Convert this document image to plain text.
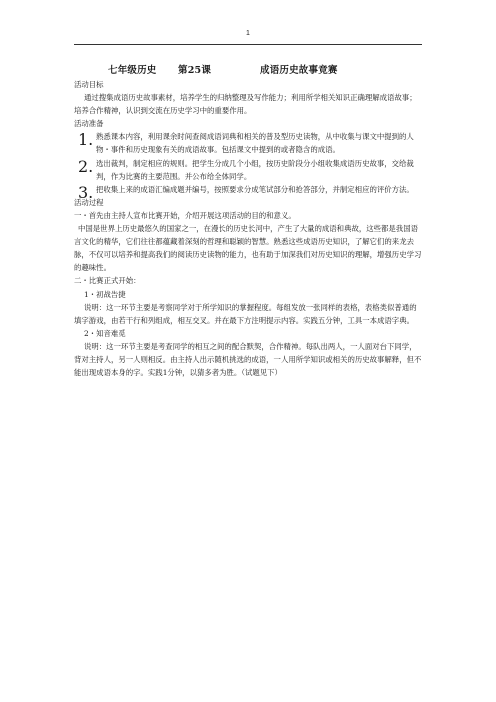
1
七年级历史 第25课	成语历史故事竞赛

活动目标

通过搜集成语历史故事素材，培养学生的归纳整理及写作能力；利用所学相关知识正确理解成语故事；培养合作精神，认识到交流在历史学习中的重要作用。

活动准备

1. 熟悉课本内容，利用课余时间查阅成语词典和相关的普及型历史读物，从中收集与课文中提到的人物・事件和历史现象有关的成语故事。包括课文中提到的或者隐含的成语。

2. 选出裁判，制定相应的规则。把学生分成几个小组，按历史阶段分小组收集成语历史故事，交给裁判，作为比赛的主要范围。并公布给全体同学。

3. 把收集上来的成语汇编成题并编号，按照要求分成笔试部分和抢答部分，并制定相应的评价方法。

活动过程

一・首先由主持人宣布比赛开始，介绍开展这项活动的目的和意义。

中国是世界上历史最悠久的国家之一，在漫长的历史长河中，产生了大量的成语和典故，这些都是我国语言文化的精华，它们往往都蕴藏着深刻的哲理和聪颖的智慧。熟悉这些成语历史知识，了解它们的来龙去脉，不仅可以培养和提高我们的阅读历史读物的能力，也有助于加深我们对历史知识的理解，增强历史学习的趣味性。

二・比赛正式开始：

1・初战告捷

说明：这一环节主要是考察同学对于所学知识的掌握程度。每组发放一张同样的表格，表格类似普通的填字游戏，由若干行和列组成，相互交叉。并在最下方注明提示内容。实践五分钟，工具一本成语字典。

2・知音难觅

说明：这一环节主要是考查同学的相互之间的配合默契，合作精神。每队出两人，一人面对台下同学，背对主持人，另一人则相反。由主持人出示随机挑选的成语，一人用所学知识或相关的历史故事解释，但不能出现成语本身的字。实践1分钟，以猜多者为胜。（试题见下）
